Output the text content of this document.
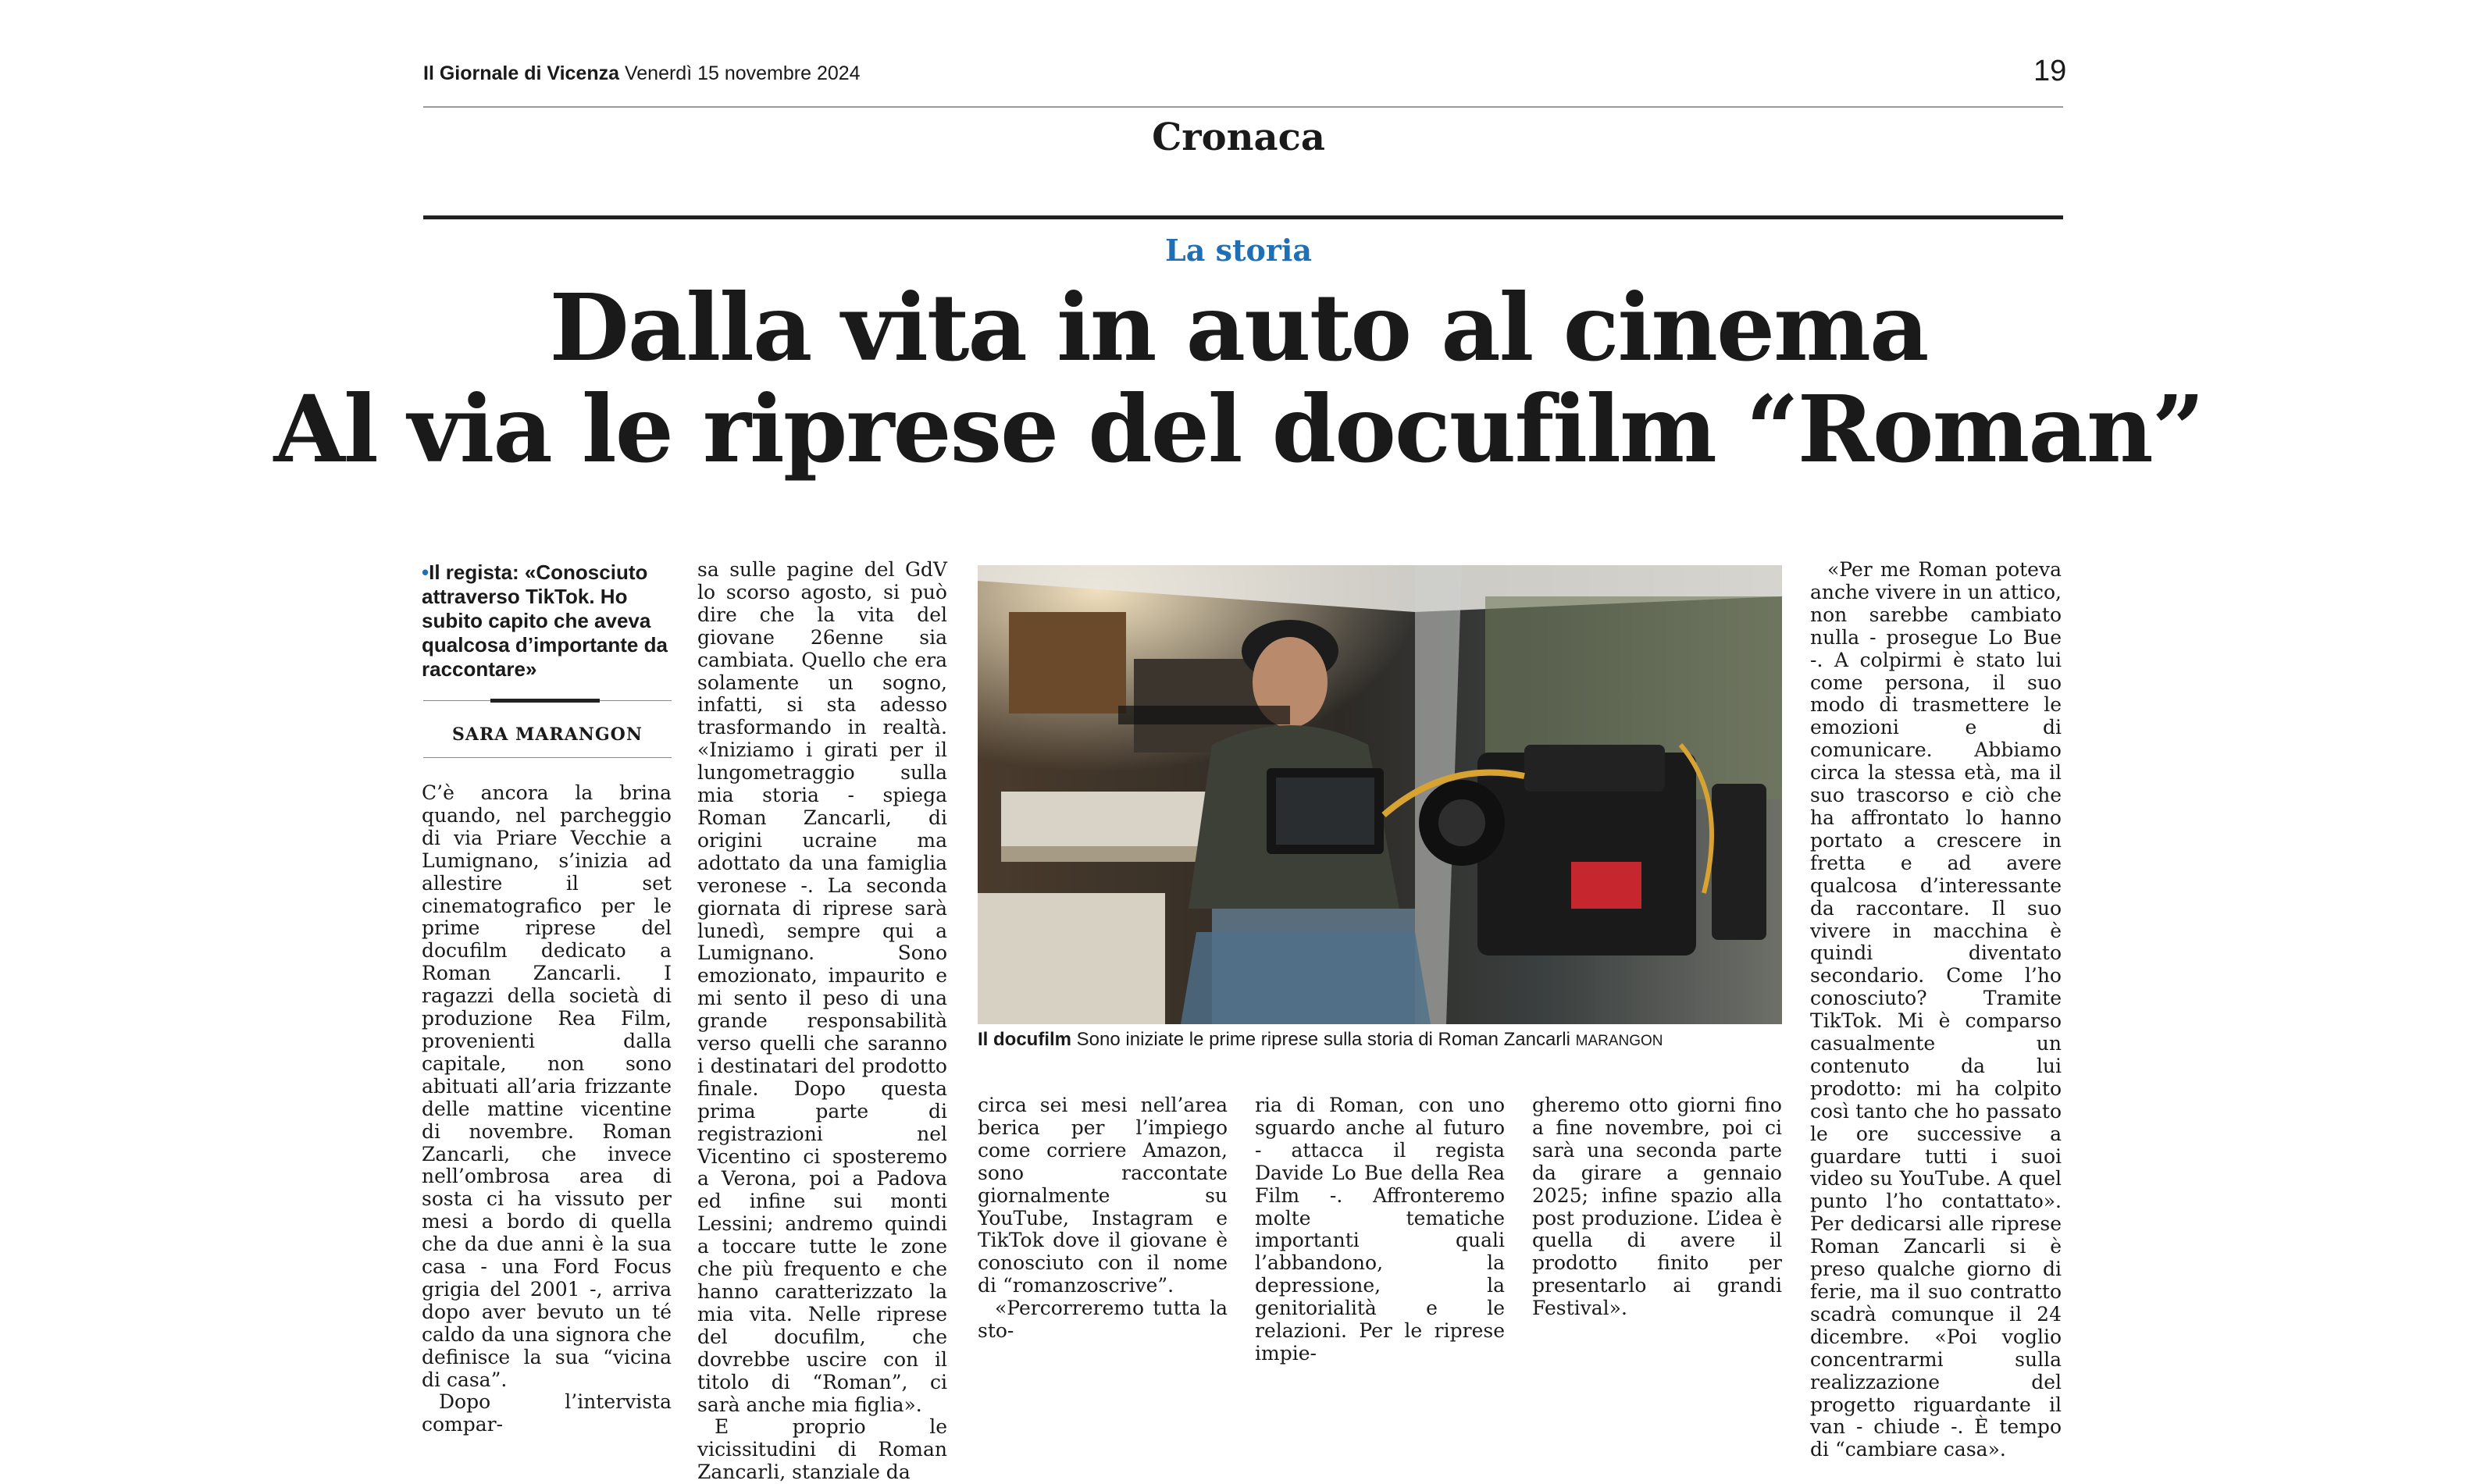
Il Giornale di Vicenza Venerdì 15 novembre 2024	19
Cronaca
La storia
Dalla vita in auto al cinema
Al via le riprese del docufilm “Roman”
•Il regista: «Conosciuto attraverso TikTok. Ho subito capito che aveva qualcosa d’importante da raccontare»
SARA MARANGON

C’è ancora la brina quando, nel parcheggio di via Priare Vecchie a Lumignano, s’inizia ad allestire il set cinematografico per le prime riprese del docufilm dedicato a Roman Zancarli. I ragazzi della società di produzione Rea Film, provenienti dalla capitale, non sono abituati all’aria frizzante delle mattine vicentine di novembre. Roman Zancarli, che invece nell’ombrosa area di sosta ci ha vissuto per mesi a bordo di quella che da due anni è la sua casa - una Ford Focus grigia del 2001 -, arriva dopo aver bevuto un té caldo da una signora che definisce la sua “vicina di casa”.

Dopo l’intervista compar-

sa sulle pagine del GdV lo scorso agosto, si può dire che la vita del giovane 26enne sia cambiata. Quello che era solamente un sogno, infatti, si sta adesso trasformando in realtà. «Iniziamo i girati per il lungometraggio sulla mia storia - spiega Roman Zancarli, di origini ucraine ma adottato da una famiglia veronese -. La seconda giornata di riprese sarà lunedì, sempre qui a Lumignano. Sono emozionato, impaurito e mi sento il peso di una grande responsabilità verso quelli che saranno i destinatari del prodotto finale. Dopo questa prima parte di registrazioni nel Vicentino ci sposteremo a Verona, poi a Padova ed infine sui monti Lessini; andremo quindi a toccare tutte le zone che più frequento e che hanno caratterizzato la mia vita. Nelle riprese del docufilm, che dovrebbe uscire con il titolo di “Roman”, ci sarà anche mia figlia».

E proprio le vicissitudini di Roman Zancarli, stanziale da

Il docufilm Sono iniziate le prime riprese sulla storia di Roman Zancarli MARANGON

circa sei mesi nell’area berica per l’impiego come corriere Amazon, sono raccontate giornalmente su YouTube, Instagram e TikTok dove il giovane è conosciuto con il nome di “romanzoscrive”.

«Percorreremo tutta la sto-

ria di Roman, con uno sguardo anche al futuro - attacca il regista Davide Lo Bue della Rea Film -. Affronteremo molte tematiche importanti quali l’abbandono, la depressione, la genitorialità e le relazioni. Per le riprese impie-

gheremo otto giorni fino a fine novembre, poi ci sarà una seconda parte da girare a gennaio 2025; infine spazio alla post produzione. L’idea è quella di avere il prodotto finito per presentarlo ai grandi Festival».

«Per me Roman poteva anche vivere in un attico, non sarebbe cambiato nulla - prosegue Lo Bue -. A colpirmi è stato lui come persona, il suo modo di trasmettere le emozioni e di comunicare. Abbiamo circa la stessa età, ma il suo trascorso e ciò che ha affrontato lo hanno portato a crescere in fretta e ad avere qualcosa d’interessante da raccontare. Il suo vivere in macchina è quindi diventato secondario. Come l’ho conosciuto? Tramite TikTok. Mi è comparso casualmente un contenuto da lui prodotto: mi ha colpito così tanto che ho passato le ore successive a guardare tutti i suoi video su YouTube. A quel punto l’ho contattato». Per dedicarsi alle riprese Roman Zancarli si è preso qualche giorno di ferie, ma il suo contratto scadrà comunque il 24 dicembre. «Poi voglio concentrarmi sulla realizzazione del progetto riguardante il van - chiude -. È tempo di “cambiare casa».
